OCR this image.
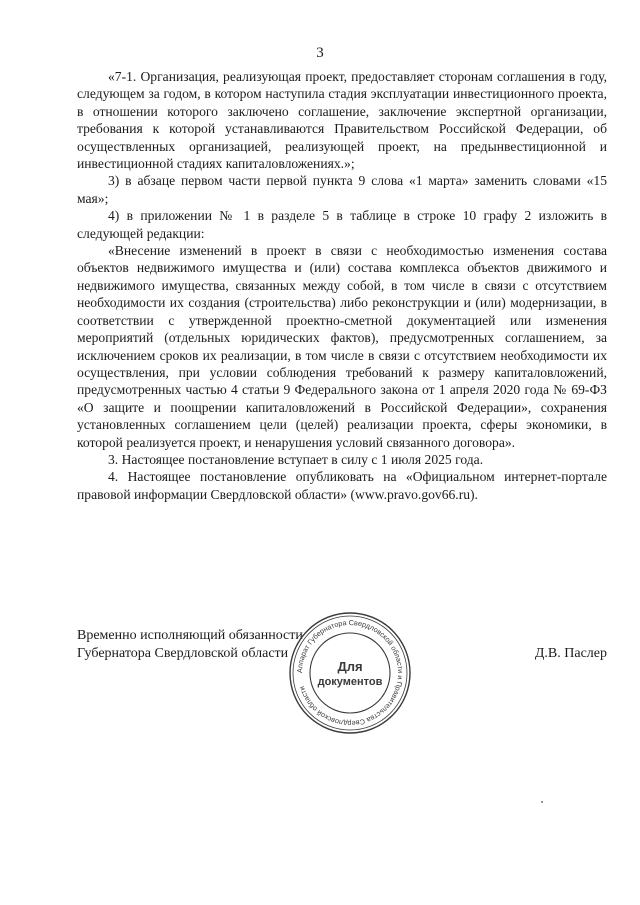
3

«7-1. Организация, реализующая проект, предоставляет сторонам соглашения в году, следующем за годом, в котором наступила стадия эксплуатации инвестиционного проекта, в отношении которого заключено соглашение, заключение экспертной организации, требования к которой устанавливаются Правительством Российской Федерации, об осуществленных организацией, реализующей проект, на предынвестиционной и инвестиционной стадиях капиталовложениях.»;

3) в абзаце первом части первой пункта 9 слова «1 марта» заменить словами «15 мая»;

4) в приложении № 1 в разделе 5 в таблице в строке 10 графу 2 изложить в следующей редакции:

«Внесение изменений в проект в связи с необходимостью изменения состава объектов недвижимого имущества и (или) состава комплекса объектов движимого и недвижимого имущества, связанных между собой, в том числе в связи с отсутствием необходимости их создания (строительства) либо реконструкции и (или) модернизации, в соответствии с утвержденной проектно-сметной документацией или изменения мероприятий (отдельных юридических фактов), предусмотренных соглашением, за исключением сроков их реализации, в том числе в связи с отсутствием необходимости их осуществления, при условии соблюдения требований к размеру капиталовложений, предусмотренных частью 4 статьи 9 Федерального закона от 1 апреля 2020 года № 69-ФЗ «О защите и поощрении капиталовложений в Российской Федерации», сохранения установленных соглашением цели (целей) реализации проекта, сферы экономики, в которой реализуется проект, и ненарушения условий связанного договора».

3. Настоящее постановление вступает в силу с 1 июля 2025 года.

4. Настоящее постановление опубликовать на «Официальном интернет-портале правовой информации Свердловской области» (www.pravo.gov66.ru).

Временно исполняющий обязанности
Губернатора Свердловской области	Д.В. Паслер
Аппарат Губернатора Свердловской области и Правительства Свердловской области
Для
документов
